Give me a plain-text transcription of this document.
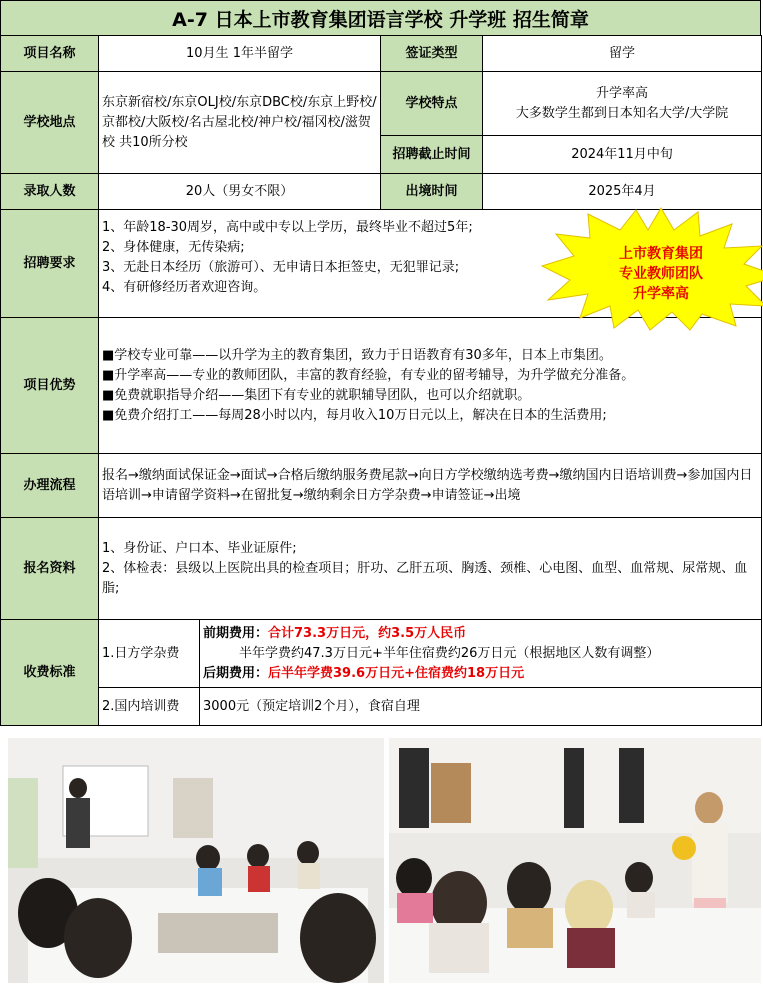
A-7 日本上市教育集团语言学校 升学班 招生简章
项目名称	10月生 1年半留学		签证类型	留学
学校地点	东京新宿校/东京OLJ校/东京DBC校/东京上野校/京都校/大阪校/名古屋北校/神户校/福冈校/滋贺校 共10所分校		学校特点	升学率高
大多数学生都到日本知名大学/大学院

			招聘截止时间	2024年11月中旬
录取人数	20人（男女不限）		出境时间	2025年4月
招聘要求	1、年龄18-30周岁，高中或中专以上学历，最终毕业不超过5年;
2、身体健康，无传染病;
3、无赴日本经历（旅游可）、无申请日本拒签史，无犯罪记录;
4、有研修经历者欢迎咨询。			

项目优势	■学校专业可靠——以升学为主的教育集团，致力于日语教育有30多年，日本上市集团。
■升学率高——专业的教师团队，丰富的教育经验，有专业的留考辅导，为升学做充分准备。
■免费就职指导介绍——集团下有专业的就职辅导团队，也可以介绍就职。
■免费介绍打工——每周28小时以内，每月收入10万日元以上，解决在日本的生活费用;			

办理流程	报名→缴纳面试保证金→面试→合格后缴纳服务费尾款→向日方学校缴纳选考费→缴纳国内日语培训费→参加国内日语培训→申请留学资料→在留批复→缴纳剩余日方学杂费→申请签证→出境			
报名资料	1、身份证、户口本、毕业证原件;
2、体检表：县级以上医院出具的检查项目；肝功、乙肝五项、胸透、颈椎、心电图、血型、血常规、尿常规、血脂;			

收费标准	1.日方学杂费	前期费用：合计73.3万日元，约3.5万人民币
半年学费约47.3万日元+半年住宿费约26万日元（根据地区人数有调整）
后期费用：后半年学费39.6万日元+住宿费约18万日元		

	2.国内培训费	3000元（预定培训2个月），食宿自理		
上市教育集团
专业教师团队
升学率高
